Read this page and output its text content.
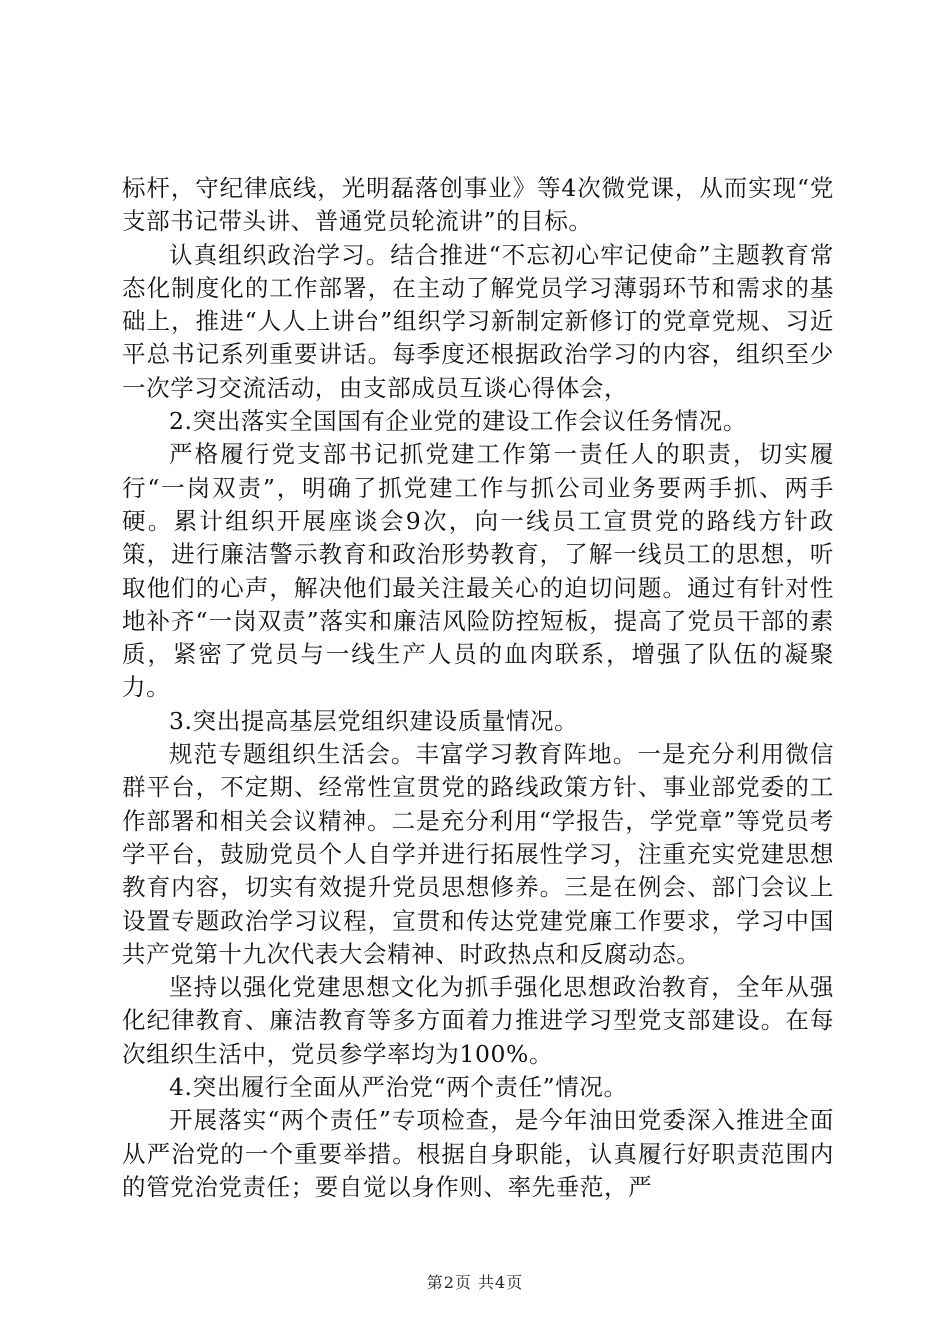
标杆，守纪律底线，光明磊落创事业》等4次微党课，从而实现“党支部书记带头讲、普通党员轮流讲”的目标。

认真组织政治学习。结合推进“不忘初心牢记使命”主题教育常态化制度化的工作部署，在主动了解党员学习薄弱环节和需求的基础上，推进“人人上讲台”组织学习新制定新修订的党章党规、习近平总书记系列重要讲话。每季度还根据政治学习的内容，组织至少一次学习交流活动，由支部成员互谈心得体会，

2.突出落实全国国有企业党的建设工作会议任务情况。

严格履行党支部书记抓党建工作第一责任人的职责，切实履行“一岗双责”，明确了抓党建工作与抓公司业务要两手抓、两手硬。累计组织开展座谈会9次，向一线员工宣贯党的路线方针政策，进行廉洁警示教育和政治形势教育，了解一线员工的思想，听取他们的心声，解决他们最关注最关心的迫切问题。通过有针对性地补齐“一岗双责”落实和廉洁风险防控短板，提高了党员干部的素质，紧密了党员与一线生产人员的血肉联系，增强了队伍的凝聚力。

3.突出提高基层党组织建设质量情况。

规范专题组织生活会。丰富学习教育阵地。一是充分利用微信群平台，不定期、经常性宣贯党的路线政策方针、事业部党委的工作部署和相关会议精神。二是充分利用“学报告，学党章”等党员考学平台，鼓励党员个人自学并进行拓展性学习，注重充实党建思想教育内容，切实有效提升党员思想修养。三是在例会、部门会议上设置专题政治学习议程，宣贯和传达党建党廉工作要求，学习中国共产党第十九次代表大会精神、时政热点和反腐动态。

坚持以强化党建思想文化为抓手强化思想政治教育，全年从强化纪律教育、廉洁教育等多方面着力推进学习型党支部建设。在每次组织生活中，党员参学率均为100%。

4.突出履行全面从严治党“两个责任”情况。

开展落实“两个责任”专项检查，是今年油田党委深入推进全面从严治党的一个重要举措。根据自身职能，认真履行好职责范围内的管党治党责任；要自觉以身作则、率先垂范，严

第2页 共4页
